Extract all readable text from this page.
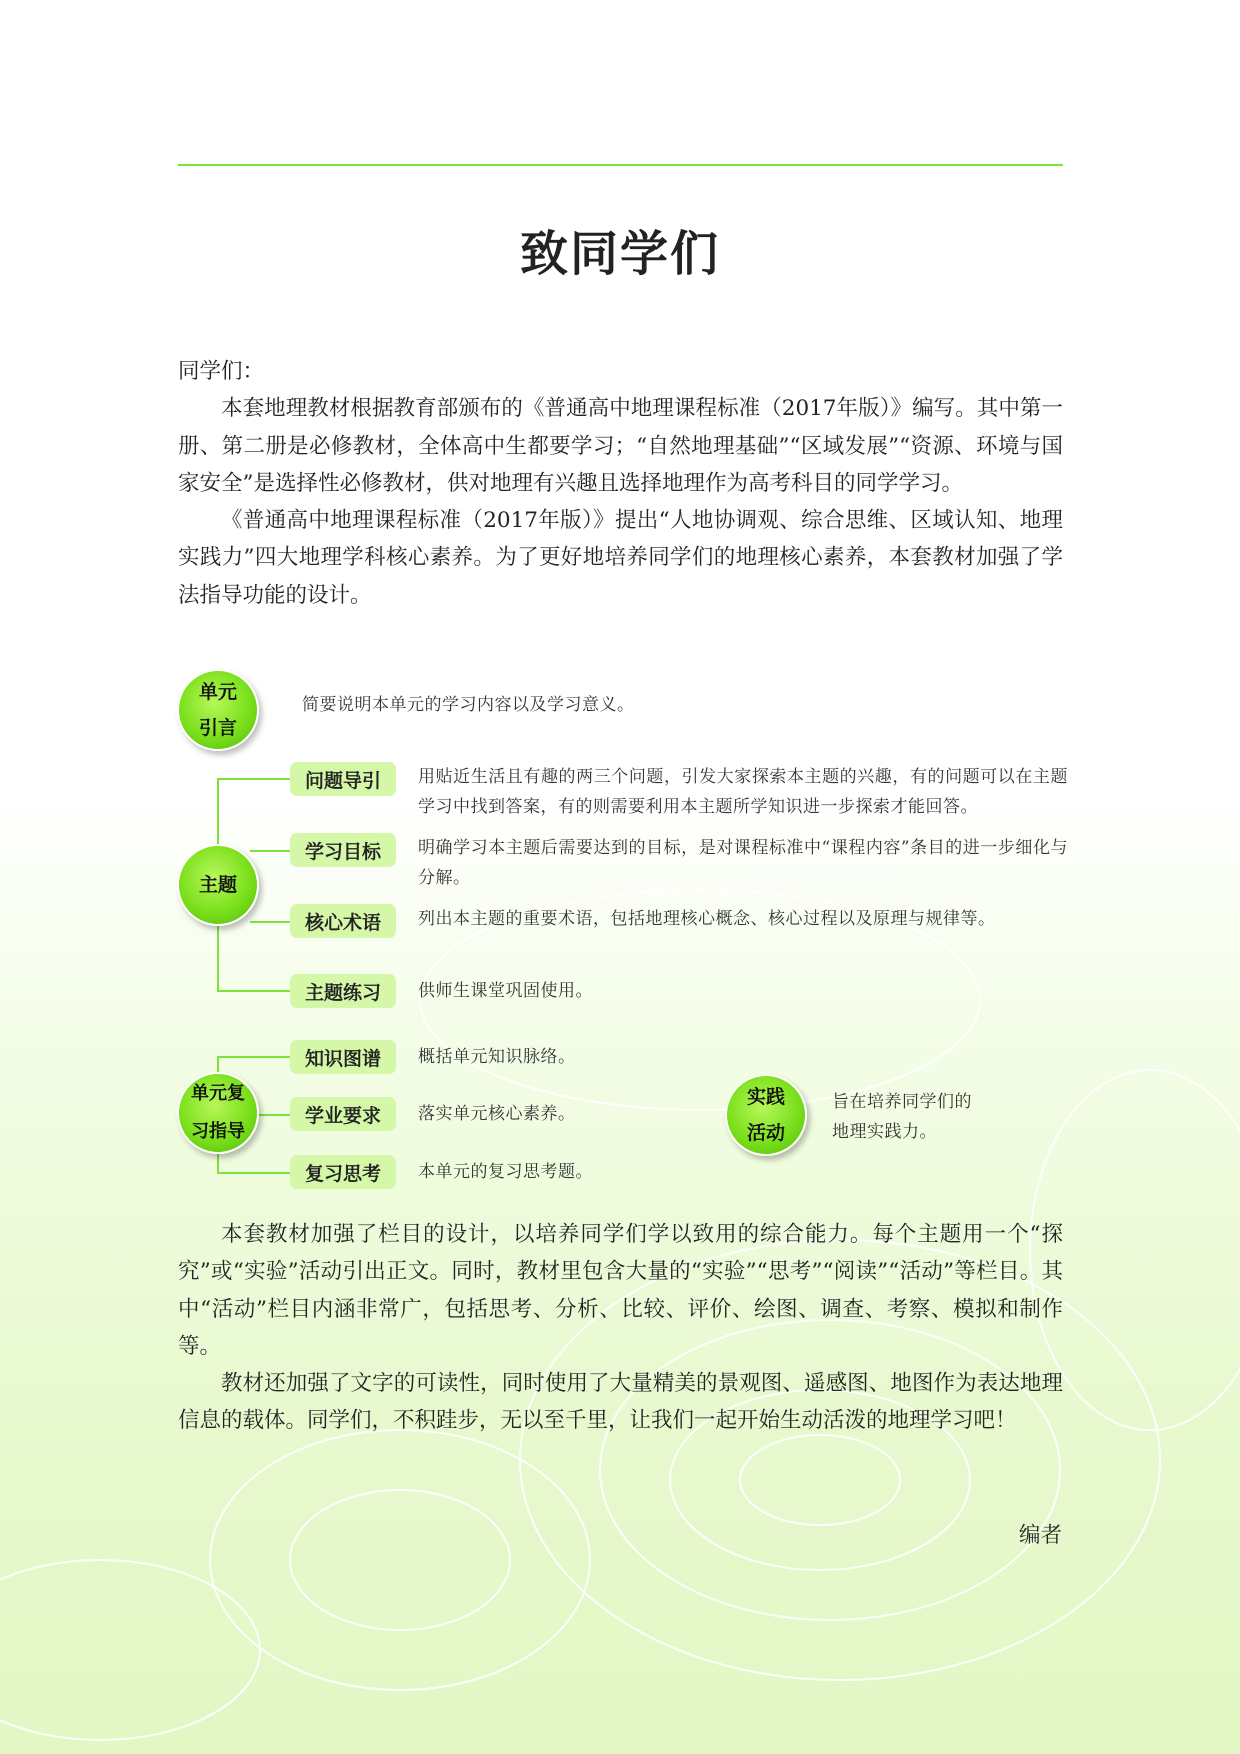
致同学们

同学们：

本套地理教材根据教育部颁布的《普通高中地理课程标准（2017年版）》编写。其中第一册、第二册是必修教材，全体高中生都要学习；“自然地理基础”“区域发展”“资源、环境与国家安全”是选择性必修教材，供对地理有兴趣且选择地理作为高考科目的同学学习。

《普通高中地理课程标准（2017年版）》提出“人地协调观、综合思维、区域认知、地理实践力”四大地理学科核心素养。为了更好地培养同学们的地理核心素养，本套教材加强了学法指导功能的设计。

单元
引言
简要说明本单元的学习内容以及学习意义。
主题
问题导引	用贴近生活且有趣的两三个问题，引发大家探索本主题的兴趣，有的问题可以在主题学习中找到答案，有的则需要利用本主题所学知识进一步探索才能回答。
学习目标	明确学习本主题后需要达到的目标，是对课程标准中“课程内容”条目的进一步细化与分解。
核心术语	列出本主题的重要术语，包括地理核心概念、核心过程以及原理与规律等。
主题练习	供师生课堂巩固使用。
单元复
习指导
知识图谱	概括单元知识脉络。
学业要求	落实单元核心素养。
复习思考	本单元的复习思考题。
实践
活动
旨在培养同学们的
地理实践力。

本套教材加强了栏目的设计，以培养同学们学以致用的综合能力。每个主题用一个“探究”或“实验”活动引出正文。同时，教材里包含大量的“实验”“思考”“阅读”“活动”等栏目。其中“活动”栏目内涵非常广，包括思考、分析、比较、评价、绘图、调查、考察、模拟和制作等。

教材还加强了文字的可读性，同时使用了大量精美的景观图、遥感图、地图作为表达地理信息的载体。同学们，不积跬步，无以至千里，让我们一起开始生动活泼的地理学习吧！

编者
